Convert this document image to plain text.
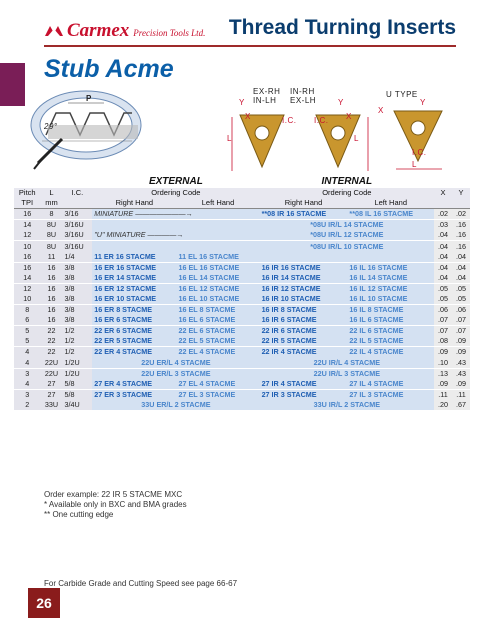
Carmex Precision Tools Ltd. Thread Turning Inserts
Stub Acme
P
29°
EX-RH
IN-LH
IN-RH
EX-LH
U TYPE
Y
X
L
I.C. I.C.
Y
X
L
X
Y
I.C.
L
			EXTERNAL		INTERNAL			
Pitch	L	I.C.	Ordering Code		Ordering Code		X	Y
TPI	mm		Right Hand	Left Hand	Right Hand	Left Hand		
16	8	3/16	MINIATURE ———————→		**08 IR 16 STACME	**08 IL 16 STACME	.02	.02
14	8U	3/16U			*08U IR/L 14 STACME		.03	.16
12	8U	3/16U	"U" MINIATURE ————→		*08U IR/L 12 STACME		.04	.16
10	8U	3/16U			*08U IR/L 10 STACME		.04	.16
16	11	1/4	11 ER 16 STACME	11 EL 16 STACME			.04	.04
16	16	3/8	16 ER 16 STACME	16 EL 16 STACME	16 IR 16 STACME	16 IL 16 STACME	.04	.04
14	16	3/8	16 ER 14 STACME	16 EL 14 STACME	16 IR 14 STACME	16 IL 14 STACME	.04	.04
12	16	3/8	16 ER 12 STACME	16 EL 12 STACME	16 IR 12 STACME	16 IL 12 STACME	.05	.05
10	16	3/8	16 ER 10 STACME	16 EL 10 STACME	16 IR 10 STACME	16 IL 10 STACME	.05	.05
8	16	3/8	16 ER 8 STACME	16 EL 8 STACME	16 IR 8 STACME	16 IL 8 STACME	.06	.06
6	16	3/8	16 ER 6 STACME	16 EL 6 STACME	16 IR 6 STACME	16 IL 6 STACME	.07	.07
5	22	1/2	22 ER 6 STACME	22 EL 6 STACME	22 IR 6 STACME	22 IL 6 STACME	.07	.07
5	22	1/2	22 ER 5 STACME	22 EL 5 STACME	22 IR 5 STACME	22 IL 5 STACME	.08	.09
4	22	1/2	22 ER 4 STACME	22 EL 4 STACME	22 IR 4 STACME	22 IL 4 STACME	.09	.09
4	22U	1/2U	22U ER/L 4 STACME		22U IR/L 4 STACME		.10	.43
3	22U	1/2U	22U ER/L 3 STACME		22U IR/L 3 STACME		.13	.43
4	27	5/8	27 ER 4 STACME	27 EL 4 STACME	27 IR 4 STACME	27 IL 4 STACME	.09	.09
3	27	5/8	27 ER 3 STACME	27 EL 3 STACME	27 IR 3 STACME	27 IL 3 STACME	.11	.11
2	33U	3/4U	33U ER/L 2 STACME		33U IR/L 2 STACME		.20	.67
Order example: 22 IR 5 STACME MXC
* Available only in BXC and BMA grades
** One cutting edge
For Carbide Grade and Cutting Speed see page 66-67
26
